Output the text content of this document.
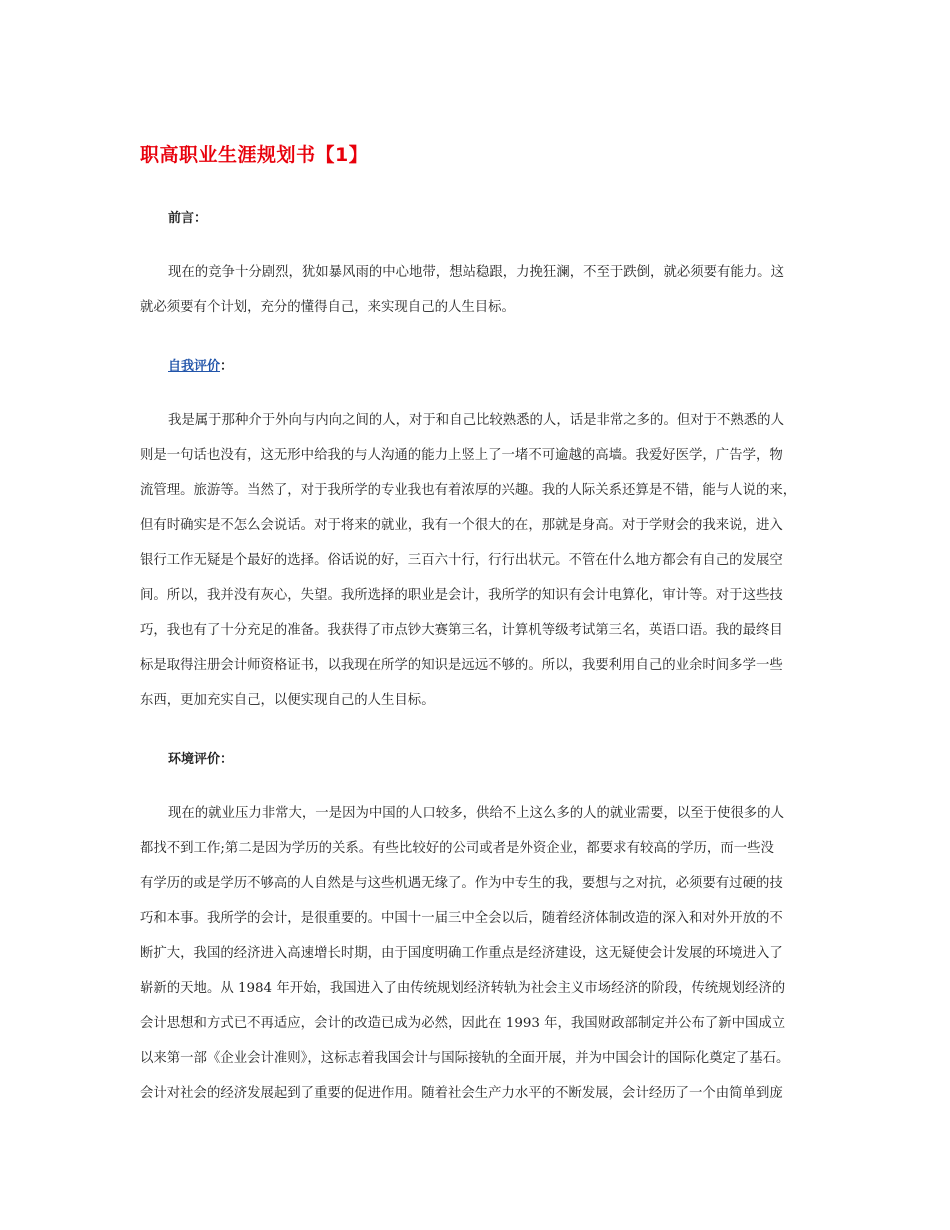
职高职业生涯规划书【1】
前言：
现在的竞争十分剧烈，犹如暴风雨的中心地带，想站稳跟，力挽狂澜，不至于跌倒，就必须要有能力。这
就必须要有个计划，充分的懂得自己，来实现自己的人生目标。
自我评价：
我是属于那种介于外向与内向之间的人，对于和自己比较熟悉的人，话是非常之多的。但对于不熟悉的人
则是一句话也没有，这无形中给我的与人沟通的能力上竖上了一堵不可逾越的高墙。我爱好医学，广告学，物
流管理。旅游等。当然了，对于我所学的专业我也有着浓厚的兴趣。我的人际关系还算是不错，能与人说的来，
但有时确实是不怎么会说话。对于将来的就业，我有一个很大的在，那就是身高。对于学财会的我来说，进入
银行工作无疑是个最好的选择。俗话说的好，三百六十行，行行出状元。不管在什么地方都会有自己的发展空
间。所以，我并没有灰心，失望。我所选择的职业是会计，我所学的知识有会计电算化，审计等。对于这些技
巧，我也有了十分充足的准备。我获得了市点钞大赛第三名，计算机等级考试第三名，英语口语。我的最终目
标是取得注册会计师资格证书，以我现在所学的知识是远远不够的。所以，我要利用自己的业余时间多学一些
东西，更加充实自己，以便实现自己的人生目标。
环境评价：
现在的就业压力非常大，一是因为中国的人口较多，供给不上这么多的人的就业需要，以至于使很多的人
都找不到工作;第二是因为学历的关系。有些比较好的公司或者是外资企业，都要求有较高的学历，而一些没
有学历的或是学历不够高的人自然是与这些机遇无缘了。作为中专生的我，要想与之对抗，必须要有过硬的技
巧和本事。我所学的会计，是很重要的。中国十一届三中全会以后，随着经济体制改造的深入和对外开放的不
断扩大，我国的经济进入高速增长时期，由于国度明确工作重点是经济建设，这无疑使会计发展的环境进入了
崭新的天地。从 1984 年开始，我国进入了由传统规划经济转轨为社会主义市场经济的阶段，传统规划经济的
会计思想和方式已不再适应，会计的改造已成为必然，因此在 1993 年，我国财政部制定并公布了新中国成立
以来第一部《企业会计准则》，这标志着我国会计与国际接轨的全面开展，并为中国会计的国际化奠定了基石。
会计对社会的经济发展起到了重要的促进作用。随着社会生产力水平的不断发展，会计经历了一个由简单到庞
